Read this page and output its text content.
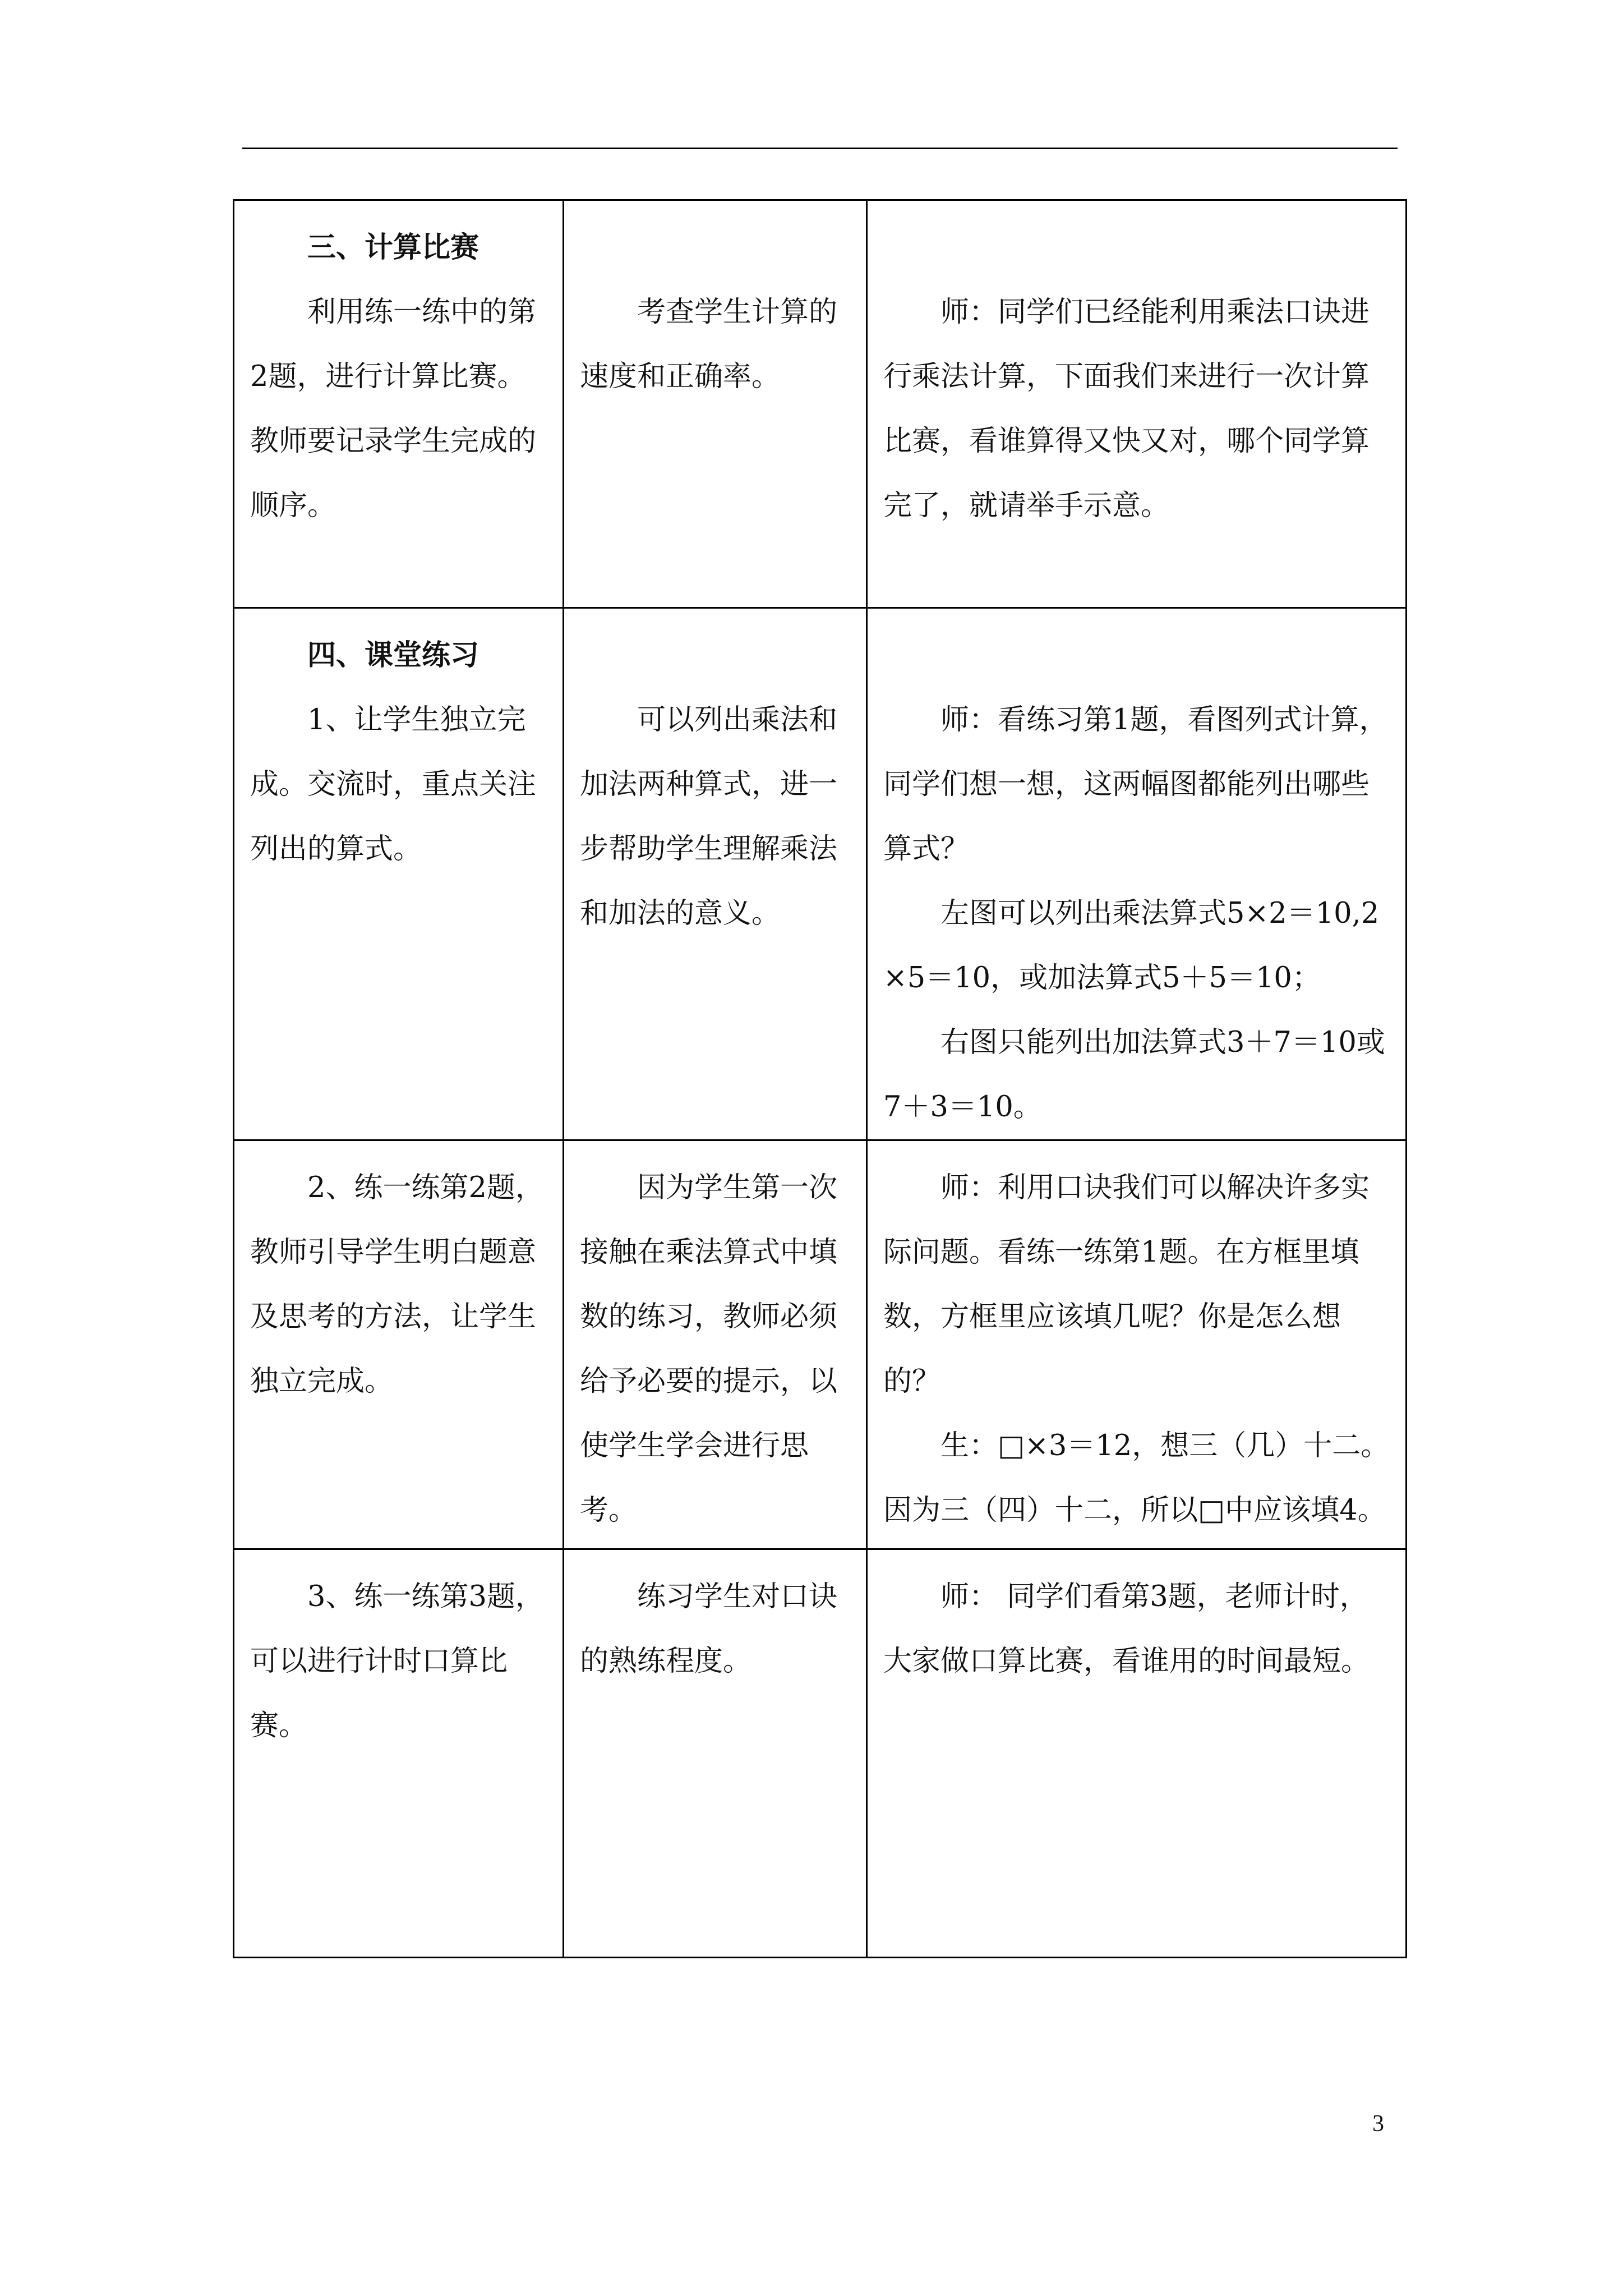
三、计算比赛
利用练一练中的第2题，进行计算比赛。教师要记录学生完成的顺序。	考查学生计算的速度和正确率。	师：同学们已经能利用乘法口诀进行乘法计算，下面我们来进行一次计算比赛，看谁算得又快又对，哪个同学算完了，就请举手示意。

四、课堂练习
1、让学生独立完成。交流时，重点关注列出的算式。	可以列出乘法和加法两种算式，进一步帮助学生理解乘法和加法的意义。	师：看练习第1题，看图列式计算，同学们想一想，这两幅图都能列出哪些算式？
左图可以列出乘法算式5×2＝10,2×5＝10，或加法算式5＋5＝10；
右图只能列出加法算式3＋7＝10或7＋3＝10。

2、练一练第2题，教师引导学生明白题意及思考的方法，让学生独立完成。	因为学生第一次接触在乘法算式中填数的练习，教师必须给予必要的提示，以使学生学会进行思考。	师：利用口诀我们可以解决许多实际问题。看练一练第1题。在方框里填数，方框里应该填几呢？你是怎么想的？
生：□×3＝12，想三（几）十二。因为三（四）十二，所以□中应该填4。

3、练一练第3题，可以进行计时口算比赛。	练习学生对口诀的熟练程度。	师： 同学们看第3题，老师计时，大家做口算比赛，看谁用的时间最短。
3
